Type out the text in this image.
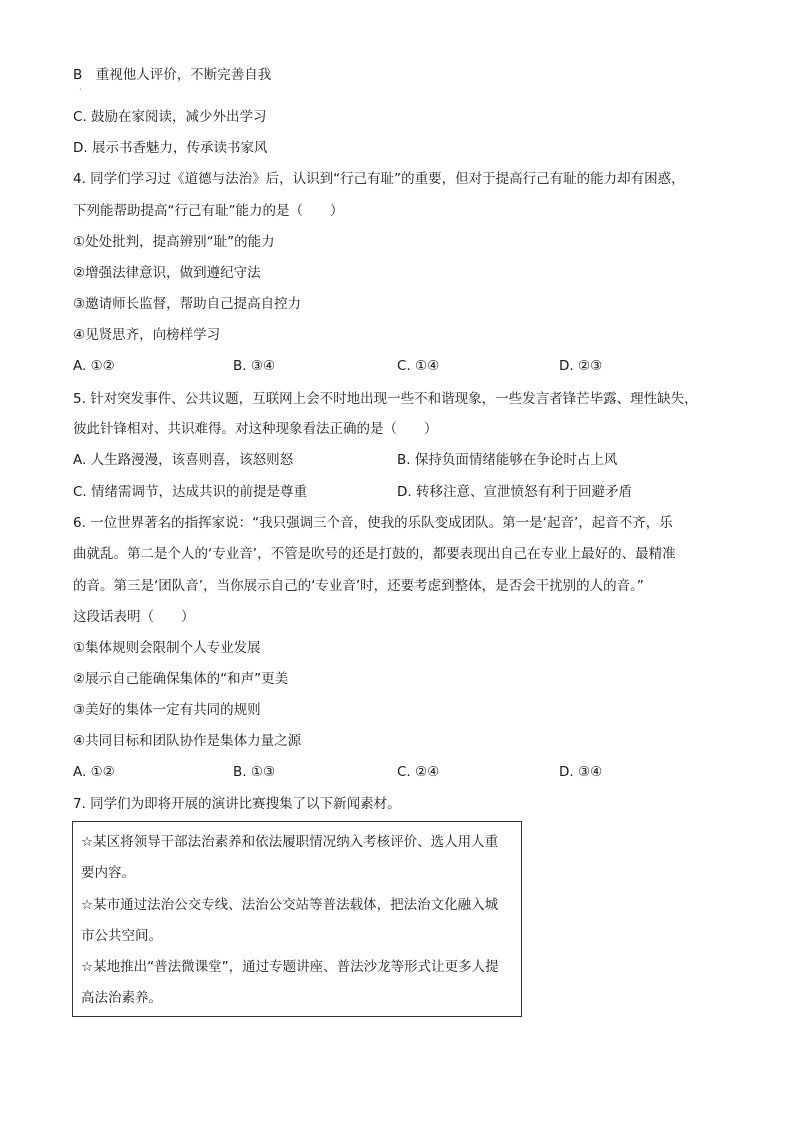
B　重视他人评价，不断完善自我
·
C. 鼓励在家阅读，减少外出学习
D. 展示书香魅力，传承读书家风
4. 同学们学习过《道德与法治》后，认识到“行己有耻”的重要，但对于提高行己有耻的能力却有困惑，
下列能帮助提高“行己有耻”能力的是（　　）
①处处批判，提高辨别“耻”的能力
②增强法律意识，做到遵纪守法
③邀请师长监督，帮助自己提高自控力
④见贤思齐，向榜样学习
A. ①②	B. ③④	C. ①④	D. ②③
5. 针对突发事件、公共议题，互联网上会不时地出现一些不和谐现象，一些发言者锋芒毕露、理性缺失，
彼此针锋相对、共识难得。对这种现象看法正确的是（　　）
A. 人生路漫漫，该喜则喜，该怒则怒	B. 保持负面情绪能够在争论时占上风
C. 情绪需调节，达成共识的前提是尊重	D. 转移注意、宣泄愤怒有利于回避矛盾
6. 一位世界著名的指挥家说：“我只强调三个音，使我的乐队变成团队。第一是‘起音’，起音不齐，乐
曲就乱。第二是个人的‘专业音’，不管是吹号的还是打鼓的，都要表现出自己在专业上最好的、最精准
的音。第三是‘团队音’，当你展示自己的‘专业音’时，还要考虑到整体，是否会干扰别的人的音。”
这段话表明（　　）
①集体规则会限制个人专业发展
②展示自己能确保集体的“和声”更美
③美好的集体一定有共同的规则
④共同目标和团队协作是集体力量之源
A. ①②	B. ①③	C. ②④	D. ③④
7. 同学们为即将开展的演讲比赛搜集了以下新闻素材。
☆某区将领导干部法治素养和依法履职情况纳入考核评价、选人用人重
要内容。
☆某市通过法治公交专线、法治公交站等普法载体，把法治文化融入城
市公共空间。
☆某地推出“普法微课堂”，通过专题讲座、普法沙龙等形式让更多人提
高法治素养。
